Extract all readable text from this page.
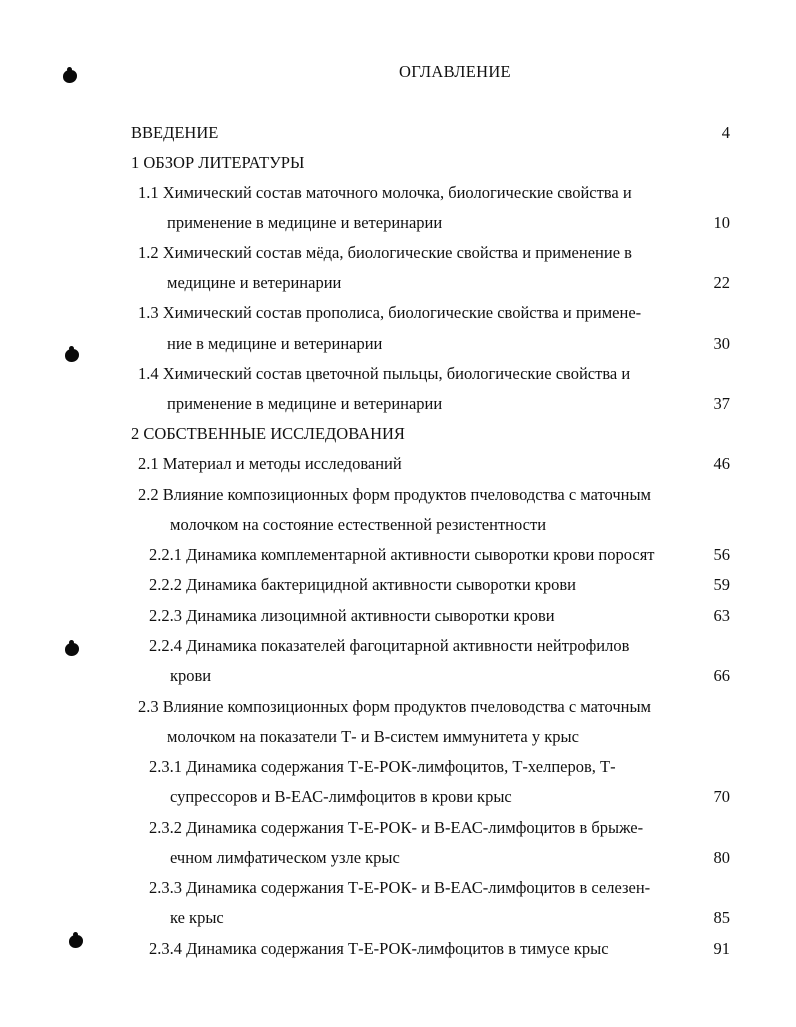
ОГЛАВЛЕНИЕ
ВВЕДЕНИЕ	4
1 ОБЗОР ЛИТЕРАТУРЫ
1.1 Химический состав маточного молочка, биологические свойства и
применение в медицине и ветеринарии	10
1.2 Химический состав мёда, биологические свойства и применение в
медицине и ветеринарии	22
1.3 Химический состав прополиса, биологические свойства и примене-
ние в медицине и ветеринарии	30
1.4 Химический состав цветочной пыльцы, биологические свойства и
применение в медицине и ветеринарии	37
2 СОБСТВЕННЫЕ ИССЛЕДОВАНИЯ
2.1 Материал и методы исследований	46
2.2 Влияние композиционных форм продуктов пчеловодства с маточным
молочком на состояние естественной резистентности
2.2.1 Динамика комплементарной активности сыворотки крови поросят	56
2.2.2 Динамика бактерицидной активности сыворотки крови	59
2.2.3 Динамика лизоцимной активности сыворотки крови	63
2.2.4 Динамика показателей фагоцитарной активности нейтрофилов
крови	66
2.3 Влияние композиционных форм продуктов пчеловодства с маточным
молочком на показатели Т- и В-систем иммунитета у крыс
2.3.1 Динамика содержания Т-Е-РОК-лимфоцитов, Т-хелперов, Т-
супрессоров и В-ЕАС-лимфоцитов в крови крыс	70
2.3.2 Динамика содержания Т-Е-РОК- и В-ЕАС-лимфоцитов в брыже-
ечном лимфатическом узле крыс	80
2.3.3 Динамика содержания Т-Е-РОК- и В-ЕАС-лимфоцитов в селезен-
ке крыс	85
2.3.4 Динамика содержания Т-Е-РОК-лимфоцитов в тимусе крыс	91
